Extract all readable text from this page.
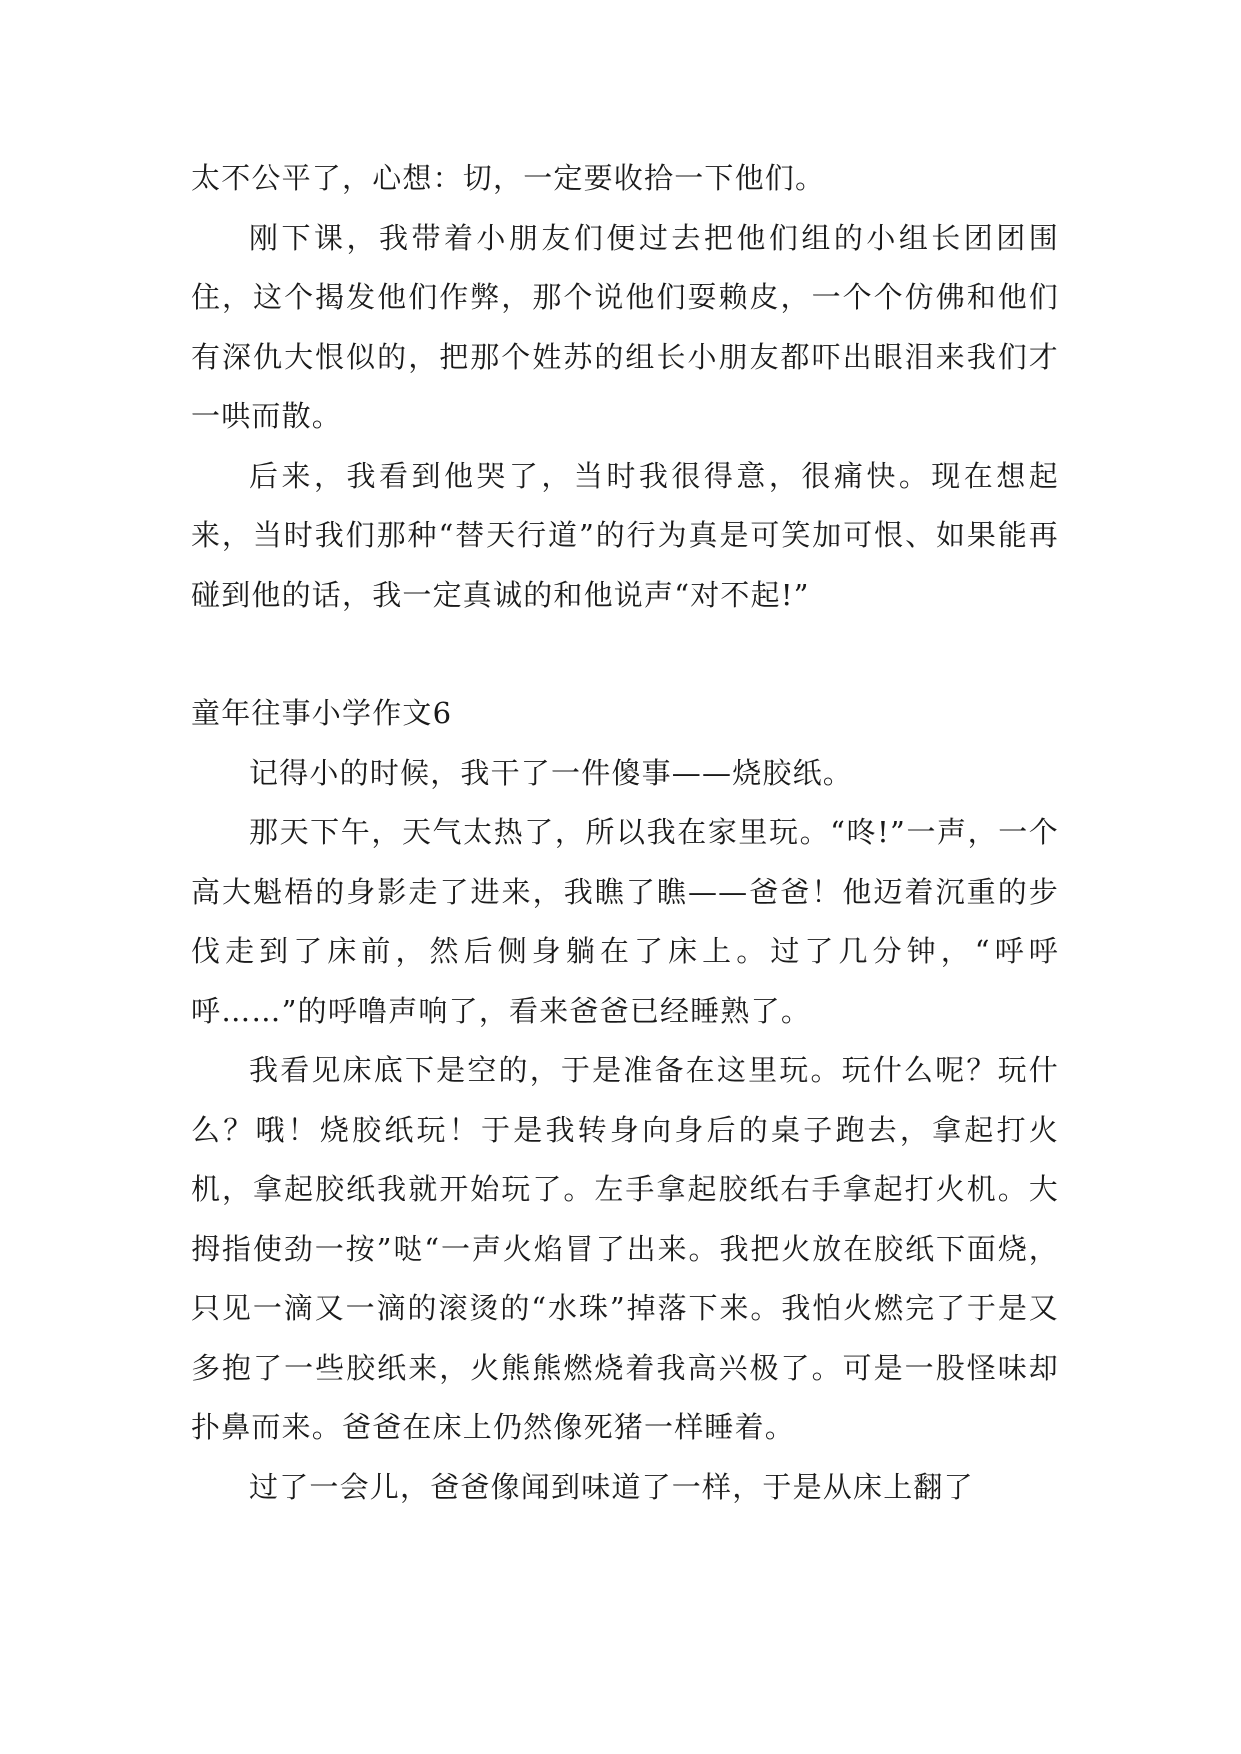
太不公平了，心想：切，一定要收拾一下他们。

刚下课，我带着小朋友们便过去把他们组的小组长团团围住，这个揭发他们作弊，那个说他们耍赖皮，一个个仿佛和他们有深仇大恨似的，把那个姓苏的组长小朋友都吓出眼泪来我们才一哄而散。

后来，我看到他哭了，当时我很得意，很痛快。现在想起来，当时我们那种“替天行道”的行为真是可笑加可恨、如果能再碰到他的话，我一定真诚的和他说声“对不起!”

童年往事小学作文6

记得小的时候，我干了一件傻事——烧胶纸。

那天下午，天气太热了，所以我在家里玩。“咚!”一声，一个高大魁梧的身影走了进来，我瞧了瞧——爸爸！他迈着沉重的步伐走到了床前，然后侧身躺在了床上。过了几分钟，“呼呼呼……”的呼噜声响了，看来爸爸已经睡熟了。

我看见床底下是空的，于是准备在这里玩。玩什么呢？玩什么？哦！烧胶纸玩！于是我转身向身后的桌子跑去，拿起打火机，拿起胶纸我就开始玩了。左手拿起胶纸右手拿起打火机。大拇指使劲一按”哒“一声火焰冒了出来。我把火放在胶纸下面烧，只见一滴又一滴的滚烫的“水珠”掉落下来。我怕火燃完了于是又多抱了一些胶纸来，火熊熊燃烧着我高兴极了。可是一股怪味却扑鼻而来。爸爸在床上仍然像死猪一样睡着。

过了一会儿，爸爸像闻到味道了一样，于是从床上翻了
